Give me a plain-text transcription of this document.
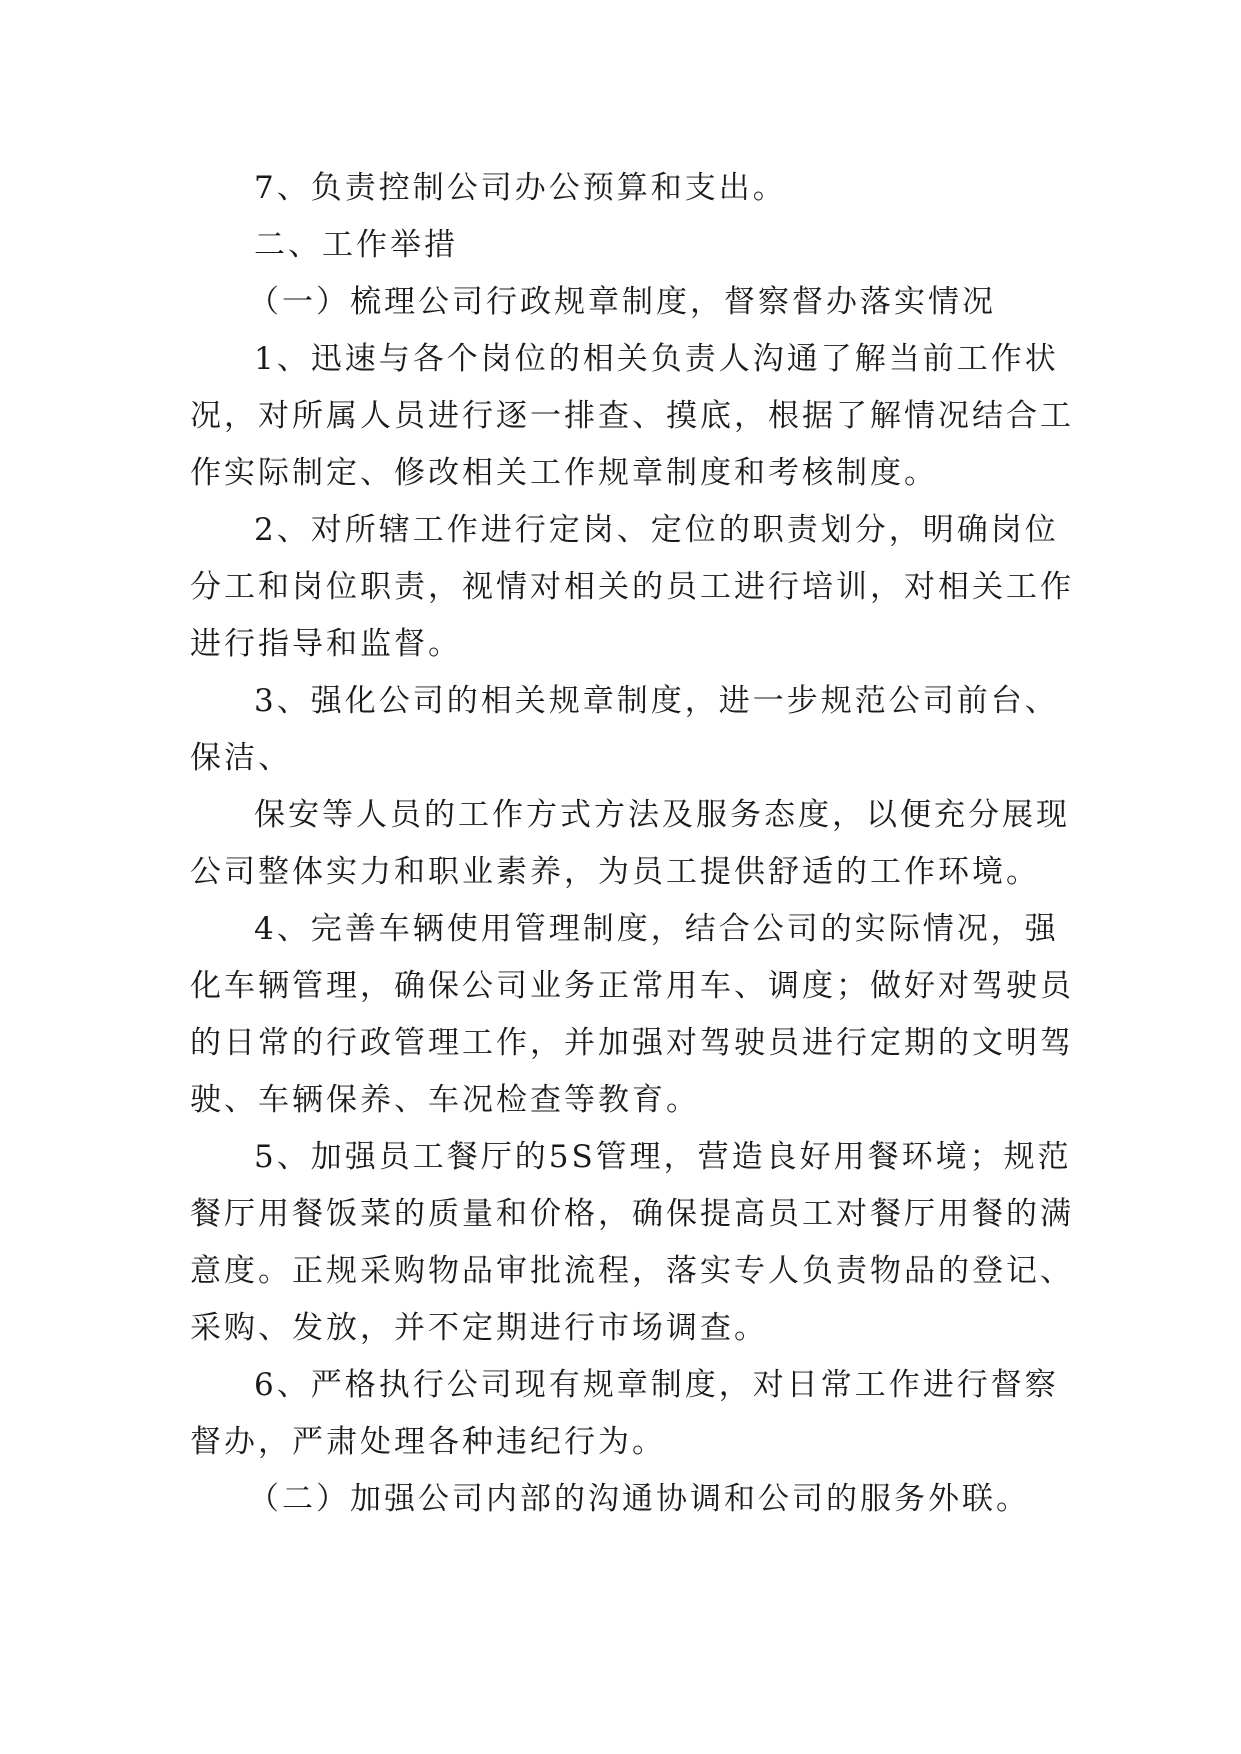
7、负责控制公司办公预算和支出。
二、工作举措
（一）梳理公司行政规章制度，督察督办落实情况
1、迅速与各个岗位的相关负责人沟通了解当前工作状
况，对所属人员进行逐一排查、摸底，根据了解情况结合工
作实际制定、修改相关工作规章制度和考核制度。
2、对所辖工作进行定岗、定位的职责划分，明确岗位
分工和岗位职责，视情对相关的员工进行培训，对相关工作
进行指导和监督。
3、强化公司的相关规章制度，进一步规范公司前台、
保洁、
保安等人员的工作方式方法及服务态度，以便充分展现
公司整体实力和职业素养，为员工提供舒适的工作环境。
4、完善车辆使用管理制度，结合公司的实际情况，强
化车辆管理，确保公司业务正常用车、调度；做好对驾驶员
的日常的行政管理工作，并加强对驾驶员进行定期的文明驾
驶、车辆保养、车况检查等教育。
5、加强员工餐厅的5S管理，营造良好用餐环境；规范
餐厅用餐饭菜的质量和价格，确保提高员工对餐厅用餐的满
意度。正规采购物品审批流程，落实专人负责物品的登记、
采购、发放，并不定期进行市场调查。
6、严格执行公司现有规章制度，对日常工作进行督察
督办，严肃处理各种违纪行为。
（二）加强公司内部的沟通协调和公司的服务外联。
